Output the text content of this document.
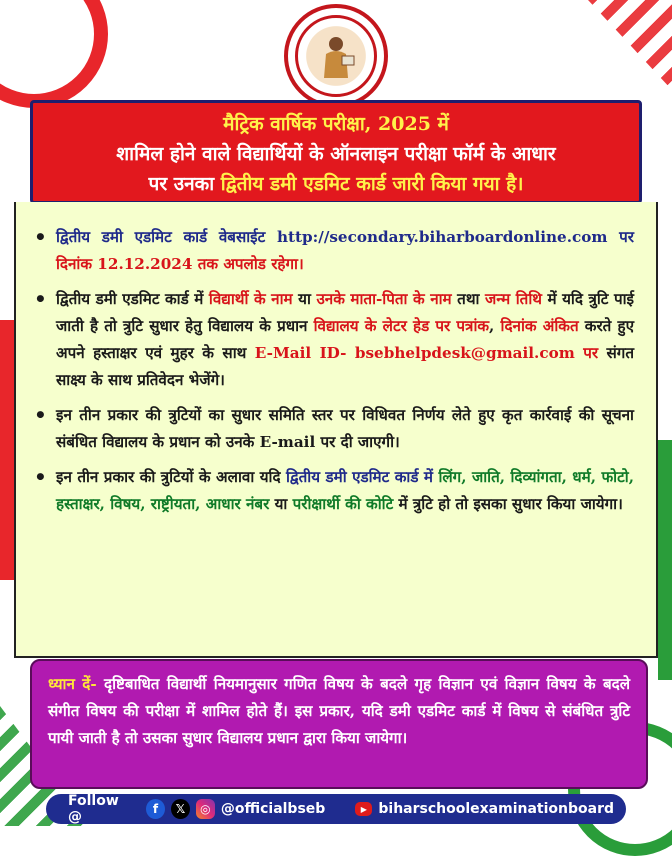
मैट्रिक वार्षिक परीक्षा, 2025 में
शामिल होने वाले विद्यार्थियों के ऑनलाइन परीक्षा फॉर्म के आधार
पर उनका द्वितीय डमी एडमिट कार्ड जारी किया गया है।
• द्वितीय डमी एडमिट कार्ड वेबसाईट http://secondary.biharboardonline.com पर दिनांक 12.12.2024 तक अपलोड रहेगा।
• द्वितीय डमी एडमिट कार्ड में विद्यार्थी के नाम या उनके माता-पिता के नाम तथा जन्म तिथि में यदि त्रुटि पाई जाती है तो त्रुटि सुधार हेतु विद्यालय के प्रधान विद्यालय के लेटर हेड पर पत्रांक, दिनांक अंकित करते हुए अपने हस्ताक्षर एवं मुहर के साथ E-Mail ID- bsebhelpdesk@gmail.com पर संगत साक्ष्य के साथ प्रतिवेदन भेजेंगे।
• इन तीन प्रकार की त्रुटियों का सुधार समिति स्तर पर विधिवत निर्णय लेते हुए कृत कार्रवाई की सूचना संबंधित विद्यालय के प्रधान को उनके E-mail पर दी जाएगी।
• इन तीन प्रकार की त्रुटियों के अलावा यदि द्वितीय डमी एडमिट कार्ड में लिंग, जाति, दिव्यांगता, धर्म, फोटो, हस्ताक्षर, विषय, राष्ट्रीयता, आधार नंबर या परीक्षार्थी की कोटि में त्रुटि हो तो इसका सुधार किया जायेगा।
ध्यान दें- दृष्टिबाधित विद्यार्थी नियमानुसार गणित विषय के बदले गृह विज्ञान एवं विज्ञान विषय के बदले संगीत विषय की परीक्षा में शामिल होते हैं। इस प्रकार, यदि डमी एडमिट कार्ड में विषय से संबंधित त्रुटि पायी जाती है तो उसका सुधार विद्यालय प्रधान द्वारा किया जायेगा।
Follow @	f	𝕏	◎ @officialbseb	▶ biharschoolexaminationboard
